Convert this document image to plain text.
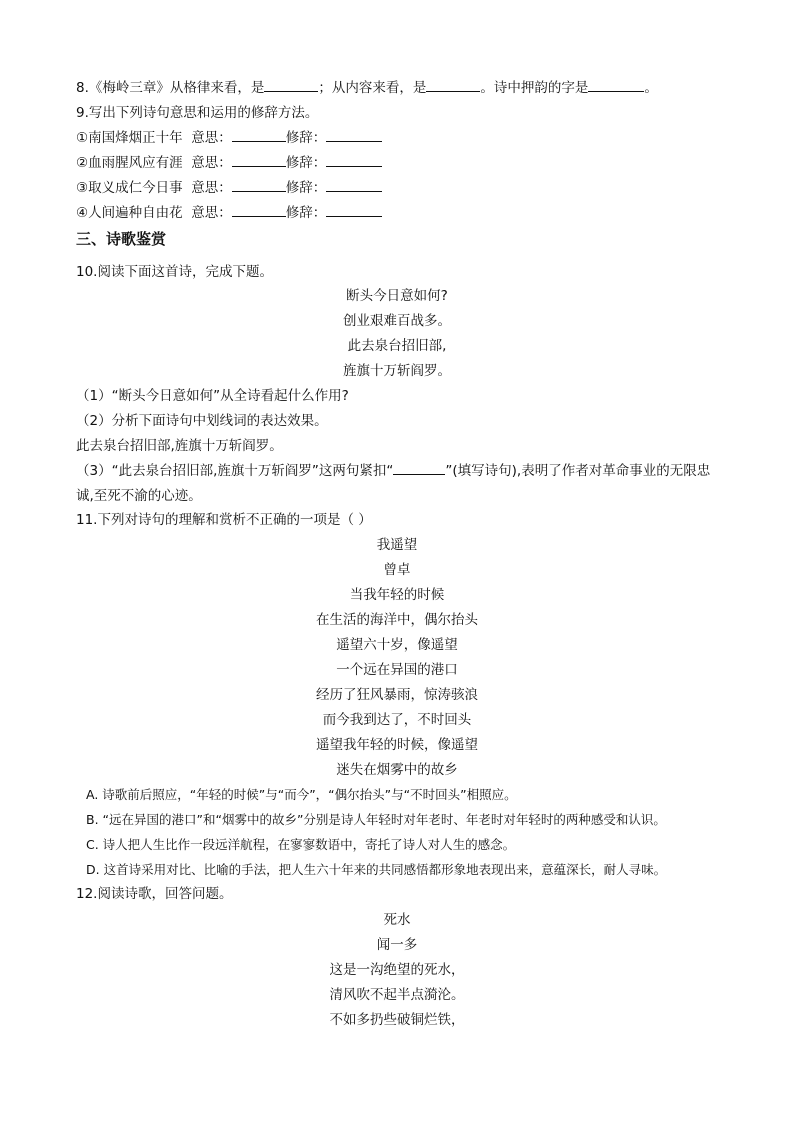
8.《梅岭三章》从格律来看，是	；从内容来看，是	。诗中押韵的字是	。
9.写出下列诗句意思和运用的修辞方法。
①南国烽烟正十年 意思：	修辞：
②血雨腥风应有涯 意思：	修辞：
③取义成仁今日事 意思：	修辞：
④人间遍种自由花 意思：	修辞：
三、诗歌鉴赏
10.阅读下面这首诗，完成下题。
断头今日意如何?
创业艰难百战多。
此去泉台招旧部,
旌旗十万斩阎罗。
（1）“断头今日意如何”从全诗看起什么作用?
（2）分析下面诗句中划线词的表达效果。
此去泉台招旧部,旌旗十万斩阎罗。
（3）“此去泉台招旧部,旌旗十万斩阎罗”这两句紧扣“	”(填写诗句),表明了作者对革命事业的无限忠
诚,至死不渝的心迹。
11.下列对诗句的理解和赏析不正确的一项是（ ）
我遥望
曾卓
当我年轻的时候
在生活的海洋中，偶尔抬头
遥望六十岁，像遥望
一个远在异国的港口
经历了狂风暴雨，惊涛骇浪
而今我到达了，不时回头
遥望我年轻的时候，像遥望
迷失在烟雾中的故乡
A. 诗歌前后照应，“年轻的时候”与“而今”，“偶尔抬头”与“不时回头”相照应。
B. “远在异国的港口”和“烟雾中的故乡”分别是诗人年轻时对年老时、年老时对年轻时的两种感受和认识。
C. 诗人把人生比作一段远洋航程，在寥寥数语中，寄托了诗人对人生的感念。
D. 这首诗采用对比、比喻的手法，把人生六十年来的共同感悟都形象地表现出来，意蕴深长，耐人寻味。
12.阅读诗歌，回答问题。
死水
闻一多
这是一沟绝望的死水，
清风吹不起半点漪沦。
不如多扔些破铜烂铁，
